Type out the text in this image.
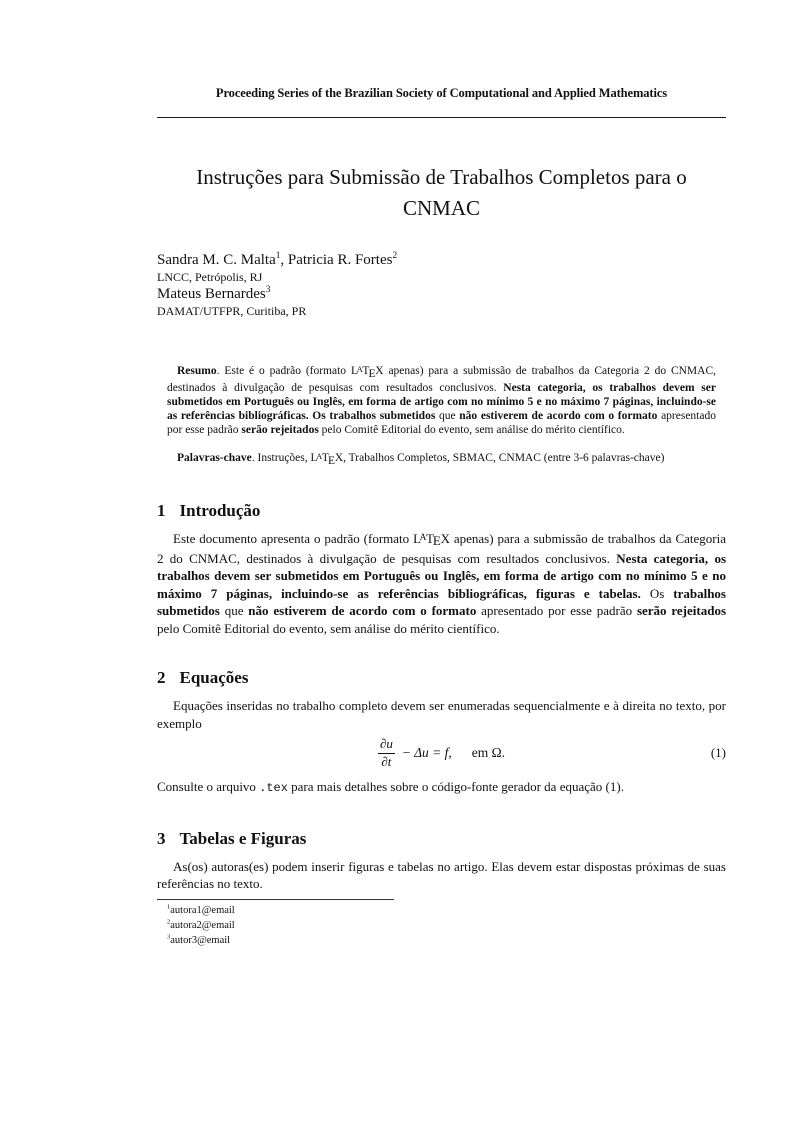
Proceeding Series of the Brazilian Society of Computational and Applied Mathematics
Instruções para Submissão de Trabalhos Completos para o
CNMAC
Sandra M. C. Malta$^1$, Patricia R. Fortes$^2$
LNCC, Petrópolis, RJ
Mateus Bernardes$^3$
DAMAT/UTFPR, Curitiba, PR

Resumo. Este é o padrão (formato LATEX apenas) para a submissão de trabalhos da Categoria 2 do CNMAC, destinados à divulgação de pesquisas com resultados conclusivos. Nesta categoria, os trabalhos devem ser submetidos em Português ou Inglês, em forma de artigo com no mínimo 5 e no máximo 7 páginas, incluindo-se as referências bibliográficas. Os trabalhos submetidos que não estiverem de acordo com o formato apresentado por esse padrão serão rejeitados pelo Comitê Editorial do evento, sem análise do mérito científico.

Palavras-chave. Instruções, LATEX, Trabalhos Completos, SBMAC, CNMAC (entre 3-6 palavras-chave)

1 Introdução

Este documento apresenta o padrão (formato LATEX apenas) para a submissão de trabalhos da Categoria 2 do CNMAC, destinados à divulgação de pesquisas com resultados conclusivos. Nesta categoria, os trabalhos devem ser submetidos em Português ou Inglês, em forma de artigo com no mínimo 5 e no máximo 7 páginas, incluindo-se as referências bibliográficas, figuras e tabelas. Os trabalhos submetidos que não estiverem de acordo com o formato apresentado por esse padrão serão rejeitados pelo Comitê Editorial do evento, sem análise do mérito científico.

2 Equações

Equações inseridas no trabalho completo devem ser enumeradas sequencialmente e à direita no texto, por exemplo

$\frac{\partial u}{\partial t} - \Delta u = f$, em Ω.	(1)

Consulte o arquivo .tex para mais detalhes sobre o código-fonte gerador da equação (1).

3 Tabelas e Figuras

As(os) autoras(es) podem inserir figuras e tabelas no artigo. Elas devem estar dispostas próximas de suas referências no texto.

$^1$autora1@email
$^2$autora2@email
$^3$autor3@email
